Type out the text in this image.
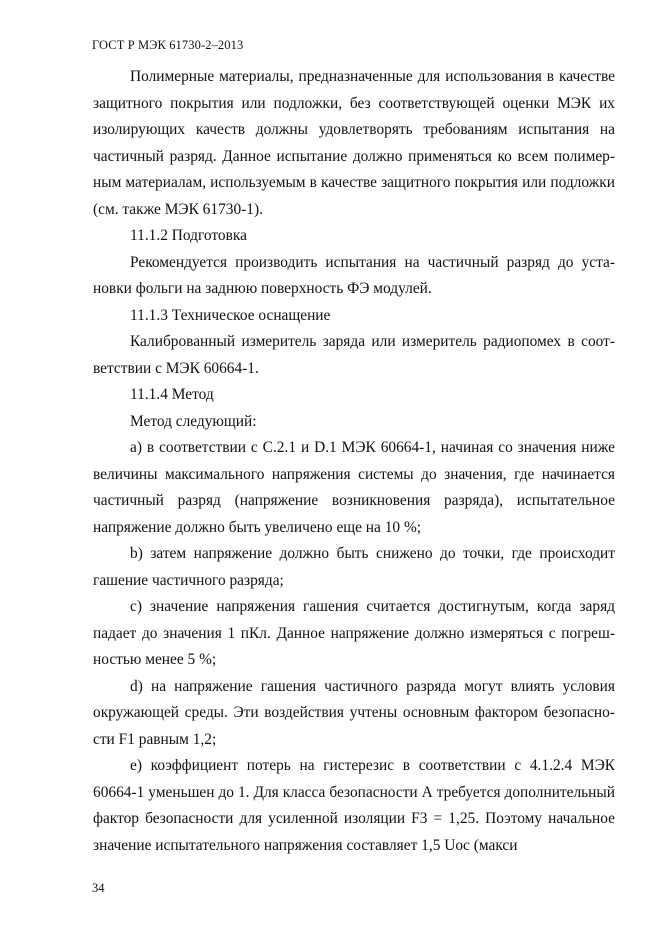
ГОСТ Р МЭК 61730-2–2013

Полимерные материалы, предназначенные для использования в качестве защитного покрытия или подложки, без соответствующей оценки МЭК их изолирующих качеств должны удовлетворять требованиям испытания на частичный разряд. Данное испытание должно применяться ко всем полимерным материалам, используемым в качестве защитного покрытия или подложки (см. также МЭК 61730-1).

11.1.2 Подготовка

Рекомендуется производить испытания на частичный разряд до установки фольги на заднюю поверхность ФЭ модулей.

11.1.3 Техническое оснащение

Калиброванный измеритель заряда или измеритель радиопомех в соответствии с МЭК 60664-1.

11.1.4 Метод

Метод следующий:

a) в соответствии с С.2.1 и D.1 МЭК 60664-1, начиная со значения ниже величины максимального напряжения системы до значения, где начинается частичный разряд (напряжение возникновения разряда), испытательное напряжение должно быть увеличено еще на 10 %;

b) затем напряжение должно быть снижено до точки, где происходит гашение частичного разряда;

c) значение напряжения гашения считается достигнутым, когда заряд падает до значения 1 пКл. Данное напряжение должно измеряться с погрешностью менее 5 %;

d) на напряжение гашения частичного разряда могут влиять условия окружающей среды. Эти воздействия учтены основным фактором безопасности F1 равным 1,2;

e) коэффициент потерь на гистерезис в соответствии с 4.1.2.4 МЭК 60664-1 уменьшен до 1. Для класса безопасности А требуется дополнительный фактор безопасности для усиленной изоляции F3 = 1,25. Поэтому начальное значение испытательного напряжения составляет 1,5 Uoc (макси

34
